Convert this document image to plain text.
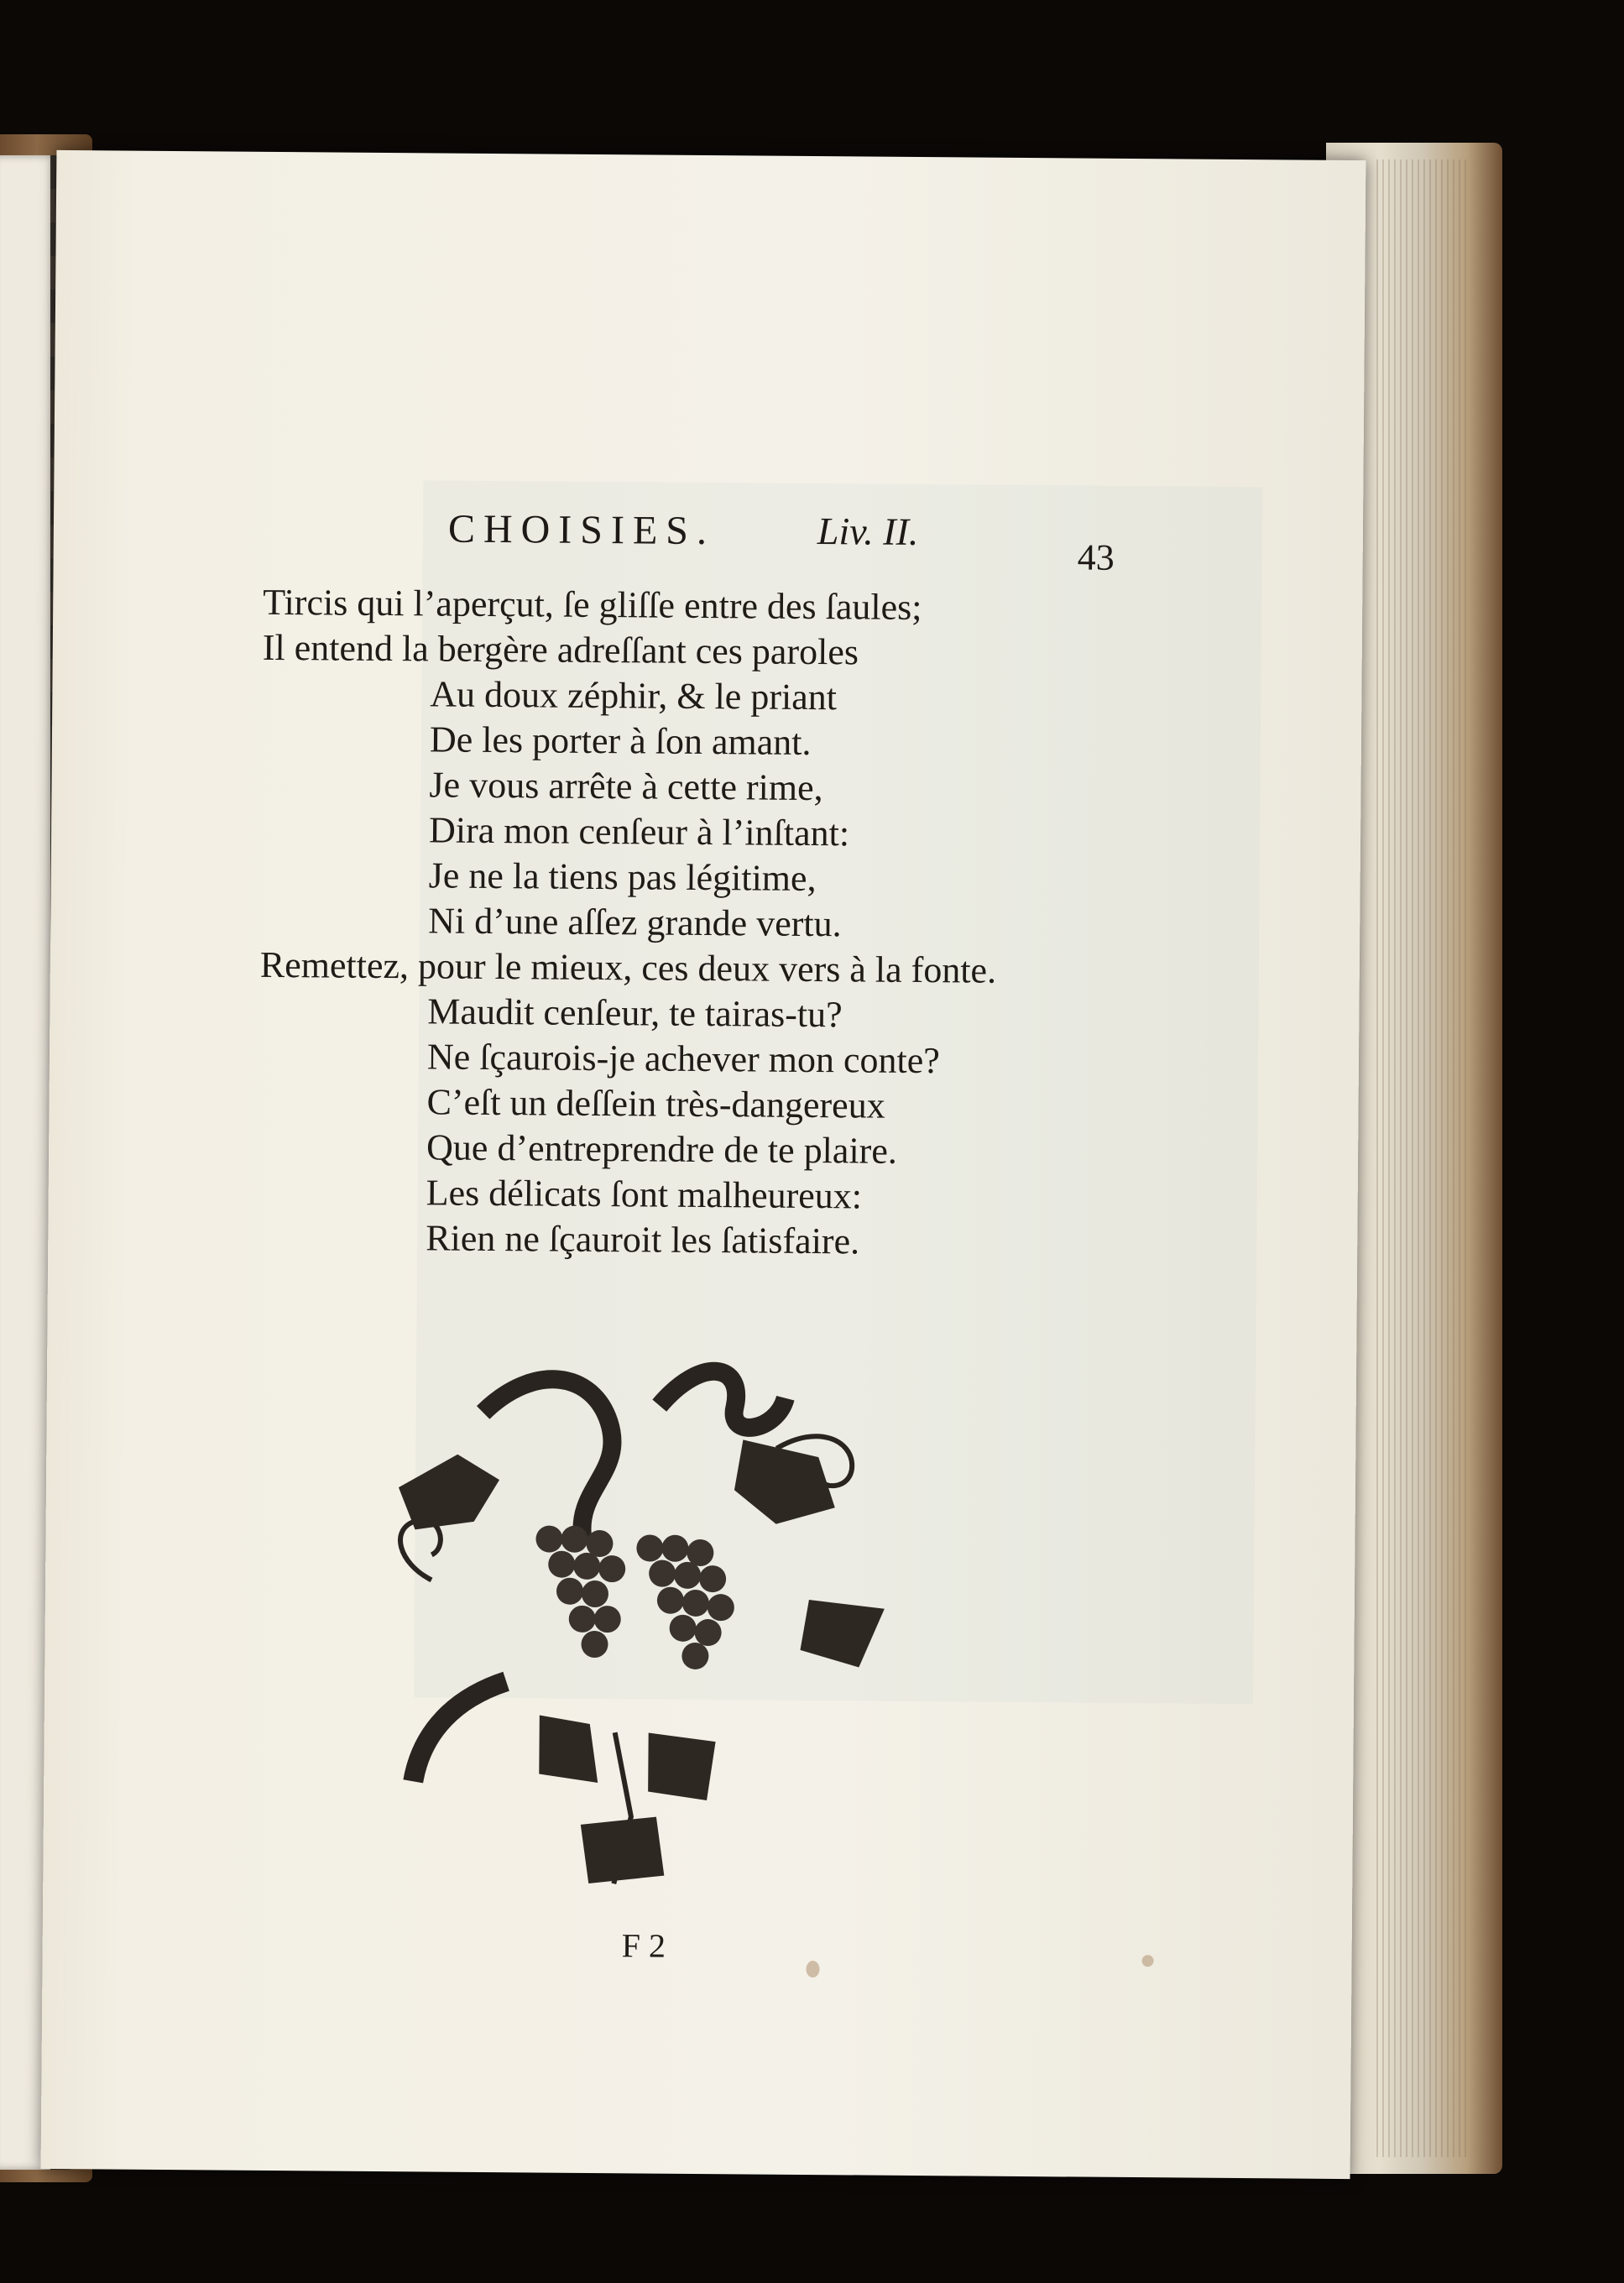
CHOISIES.	Liv. II.
43
Tircis qui l’aperçut, ſe gliſſe entre des ſaules;
Il entend la bergère adreſſant ces paroles
Au doux zéphir, & le priant
De les porter à ſon amant.
Je vous arrête à cette rime,
Dira mon cenſeur à l’inſtant:
Je ne la tiens pas légitime,
Ni d’une aſſez grande vertu.
Remettez, pour le mieux, ces deux vers à la fonte.
Maudit cenſeur, te tairas-tu?
Ne ſçaurois-je achever mon conte?
C’eſt un deſſein très-dangereux
Que d’entreprendre de te plaire.
Les délicats ſont malheureux:
Rien ne ſçauroit les ſatisfaire.
F 2
